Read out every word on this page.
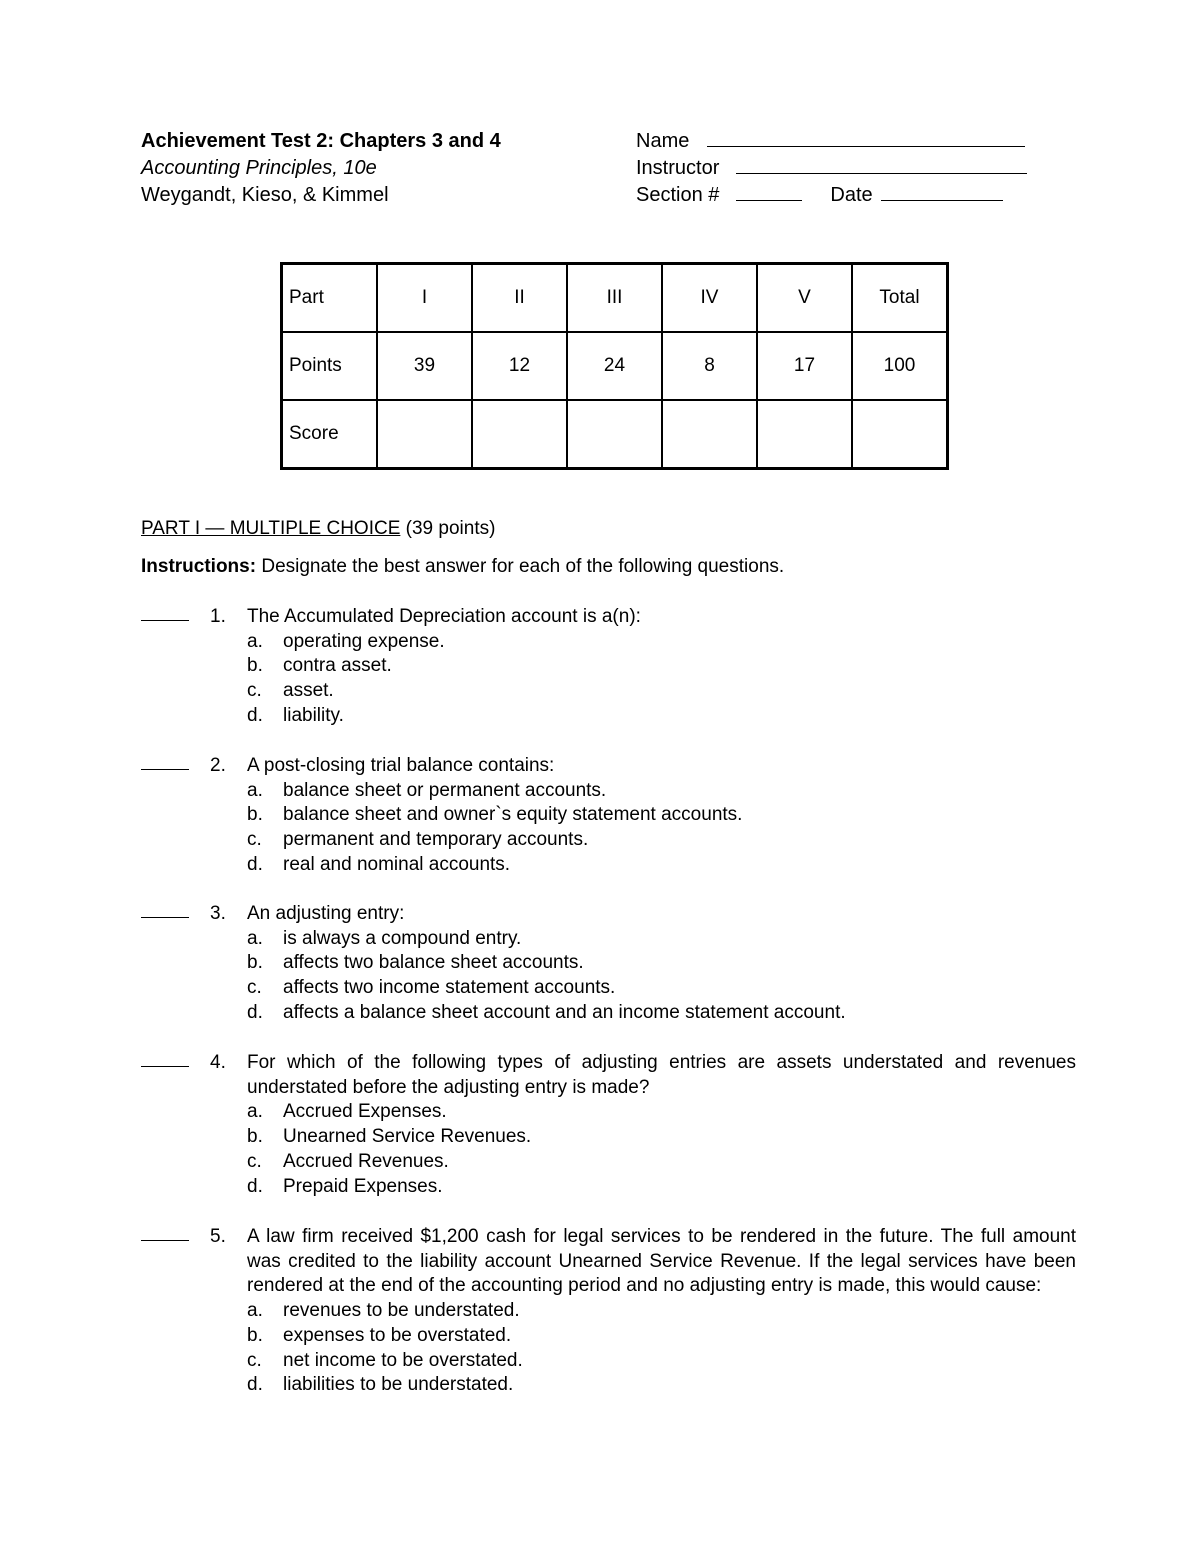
Achievement Test 2: Chapters 3 and 4
Accounting Principles, 10e
Weygandt, Kieso, & Kimmel
Name
Instructor
Section #	Date
Part	I	II	III	IV	V	Total
Points	39	12	24	8	17	100
Score						
PART I — MULTIPLE CHOICE (39 points)
Instructions: Designate the best answer for each of the following questions.
1. The Accumulated Depreciation account is a(n):
a.	operating expense.
b.	contra asset.
c.	asset.
d.	liability.
2. A post-closing trial balance contains:
a.	balance sheet or permanent accounts.
b.	balance sheet and owner`s equity statement accounts.
c.	permanent and temporary accounts.
d.	real and nominal accounts.
3. An adjusting entry:
a.	is always a compound entry.
b.	affects two balance sheet accounts.
c.	affects two income statement accounts.
d.	affects a balance sheet account and an income statement account.
4. For which of the following types of adjusting entries are assets understated and revenues understated before the adjusting entry is made?
a.	Accrued Expenses.
b.	Unearned Service Revenues.
c.	Accrued Revenues.
d.	Prepaid Expenses.
5. A law firm received $1,200 cash for legal services to be rendered in the future. The full amount was credited to the liability account Unearned Service Revenue. If the legal services have been rendered at the end of the accounting period and no adjusting entry is made, this would cause:
a.	revenues to be understated.
b.	expenses to be overstated.
c.	net income to be overstated.
d.	liabilities to be understated.
